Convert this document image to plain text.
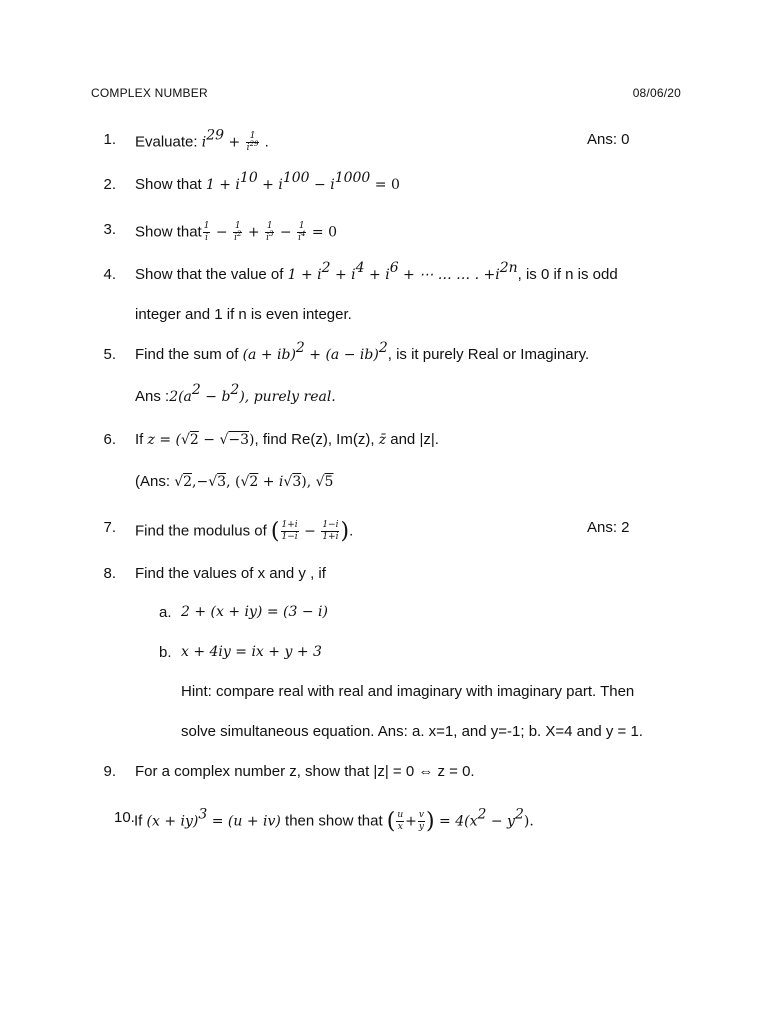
COMPLEX NUMBER	08/06/20
1. Evaluate: $i^{29} + \frac{1}{i^{29}}$ .	Ans: 0
2. Show that $1 + i^{10} + i^{100} - i^{1000} = 0$
3. Show that $\frac{1}{i} - \frac{1}{i^2} + \frac{1}{i^3} - \frac{1}{i^4} = 0$
4. Show that the value of $1 + i^2 + i^4 + i^6$ + ⋯ … … . $+i^{2n}$, is 0 if n is odd
integer and 1 if n is even integer.
5. Find the sum of (a + ib)$^2$ + (a − ib)$^2$, is it purely Real or Imaginary.
Ans $:2(a^2 - b^2)$, purely real.
6. If z = (√2 − √−3), find Re(z), Im(z), z̄ and |z|.
(Ans: √2,−√3, (√2 + i√3), √5
7. Find the modulus of ( $\frac{1+i}{1-i} - \frac{1-i}{1+i}$ ).	Ans: 2
8. Find the values of x and y , if
a. 2 + (x + iy) = (3 − i)
b. x + 4iy = ix + y + 3
Hint: compare real with real and imaginary with imaginary part. Then
solve simultaneous equation. Ans: a. x=1, and y=-1; b. X=4 and y = 1.
9. For a complex number z, show that |z| = 0 ⇔ z = 0.
10. If (x + iy)$^3$ = (u + iv) then show that ( $\frac{u}{x} + \frac{v}{y}$ ) = $4(x^2 - y^2)$.
